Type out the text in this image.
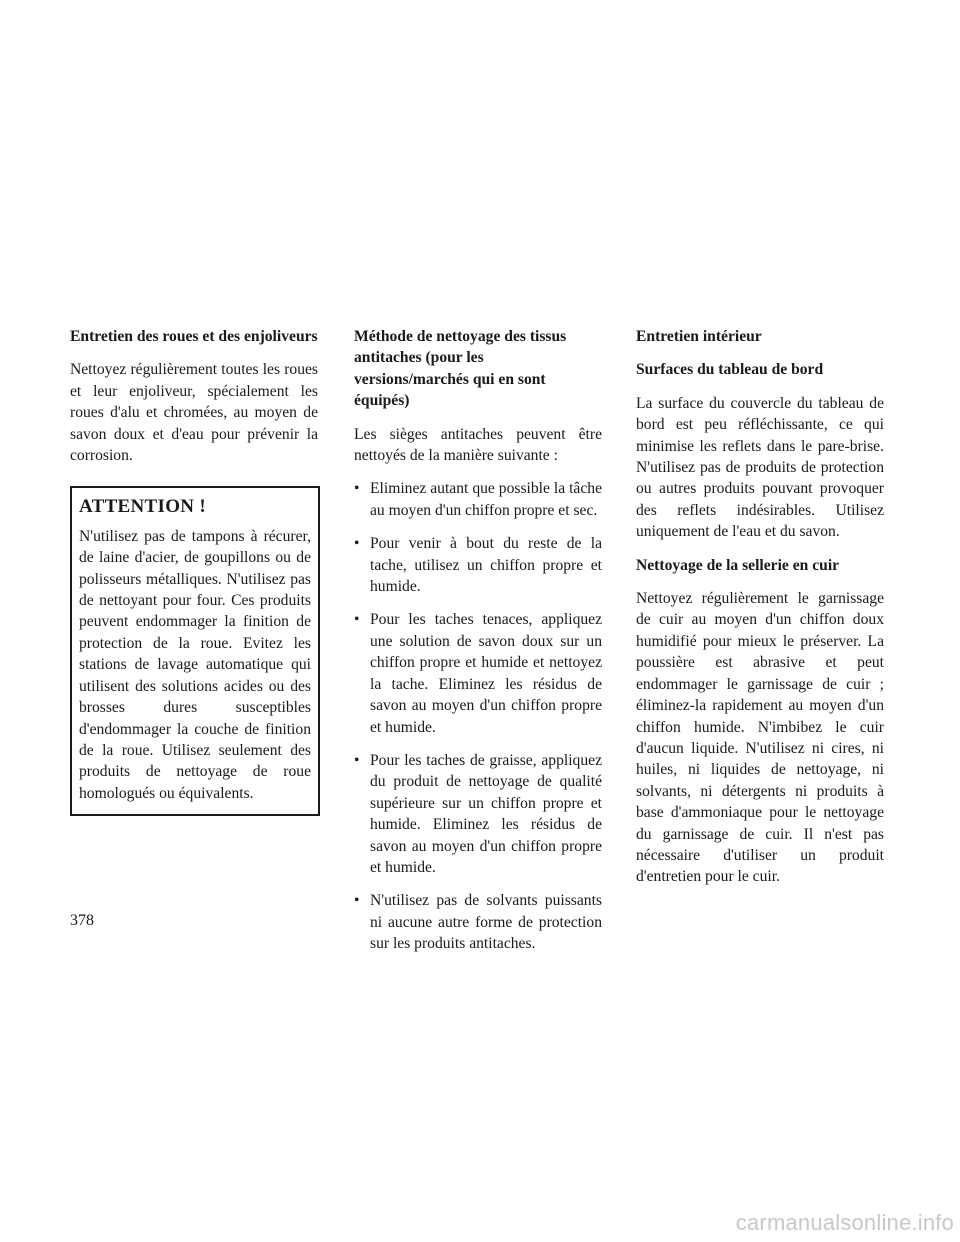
Entretien des roues et des enjoliveurs
Nettoyez régulièrement toutes les roues et leur enjoliveur, spécialement les roues d'alu et chromées, au moyen de savon doux et d'eau pour prévenir la corrosion.
ATTENTION !
N'utilisez pas de tampons à récurer, de laine d'acier, de goupillons ou de polisseurs métalliques. N'utilisez pas de nettoyant pour four. Ces produits peuvent endommager la finition de protection de la roue. Evitez les stations de lavage automatique qui utilisent des solutions acides ou des brosses dures susceptibles d'endommager la couche de finition de la roue. Utilisez seulement des produits de nettoyage de roue homologués ou équivalents.
Méthode de nettoyage des tissus antitaches (pour les versions/marchés qui en sont équipés)
Les sièges antitaches peuvent être nettoyés de la manière suivante :
• Eliminez autant que possible la tâche au moyen d'un chiffon propre et sec.
• Pour venir à bout du reste de la tache, utilisez un chiffon propre et humide.
• Pour les taches tenaces, appliquez une solution de savon doux sur un chiffon propre et humide et nettoyez la tache. Eliminez les résidus de savon au moyen d'un chiffon propre et humide.
• Pour les taches de graisse, appliquez du produit de nettoyage de qualité supérieure sur un chiffon propre et humide. Eliminez les résidus de savon au moyen d'un chiffon propre et humide.
• N'utilisez pas de solvants puissants ni aucune autre forme de protection sur les produits antitaches.
Entretien intérieur
Surfaces du tableau de bord
La surface du couvercle du tableau de bord est peu réfléchissante, ce qui minimise les reflets dans le pare-brise. N'utilisez pas de produits de protection ou autres produits pouvant provoquer des reflets indésirables. Utilisez uniquement de l'eau et du savon.
Nettoyage de la sellerie en cuir
Nettoyez régulièrement le garnissage de cuir au moyen d'un chiffon doux humidifié pour mieux le préserver. La poussière est abrasive et peut endommager le garnissage de cuir ; éliminez-la rapidement au moyen d'un chiffon humide. N'imbibez le cuir d'aucun liquide. N'utilisez ni cires, ni huiles, ni liquides de nettoyage, ni solvants, ni détergents ni produits à base d'ammoniaque pour le nettoyage du garnissage de cuir. Il n'est pas nécessaire d'utiliser un produit d'entretien pour le cuir.
378
carmanualsonline.info
